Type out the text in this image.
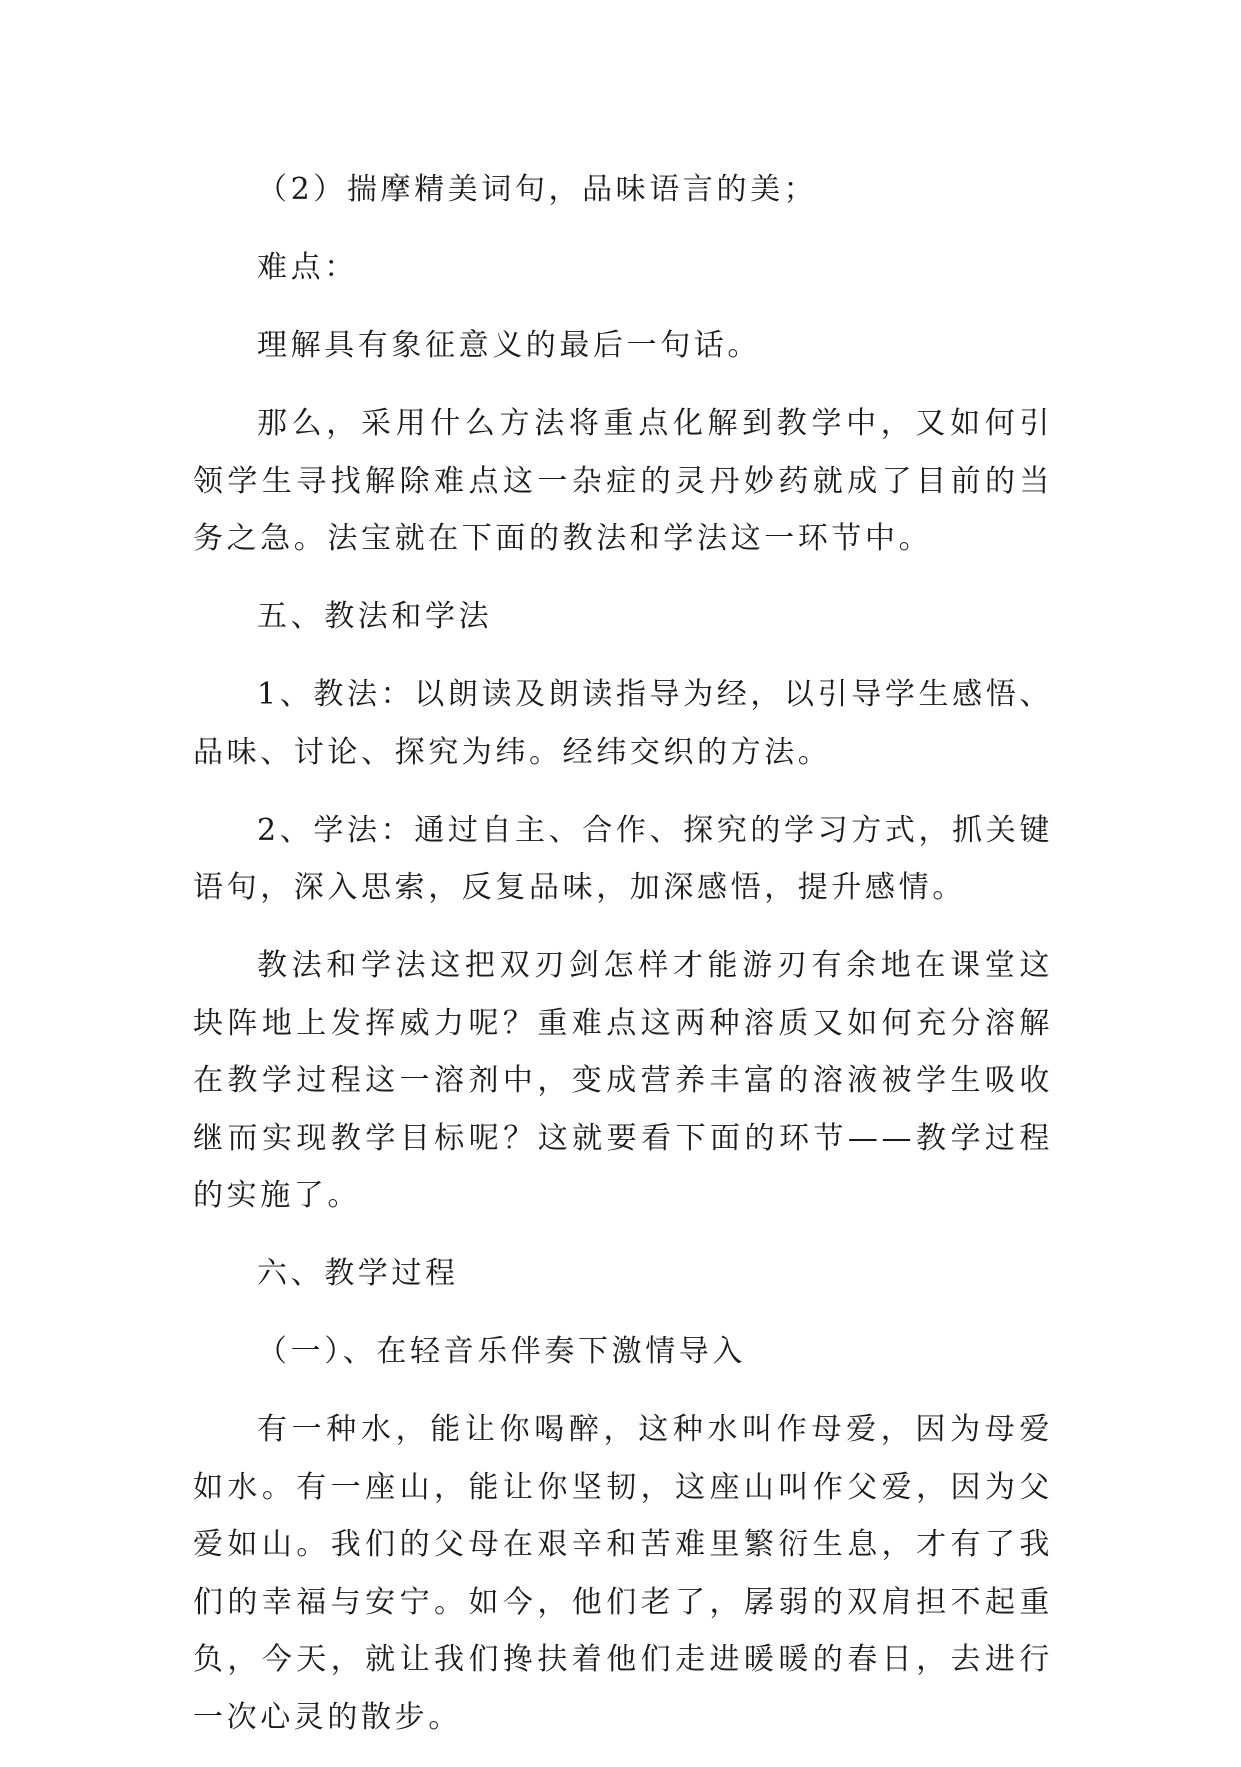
（2）揣摩精美词句，品味语言的美；

难点：

理解具有象征意义的最后一句话。

那么，采用什么方法将重点化解到教学中，又如何引领学生寻找解除难点这一杂症的灵丹妙药就成了目前的当务之急。法宝就在下面的教法和学法这一环节中。

五、教法和学法

1、教法：以朗读及朗读指导为经，以引导学生感悟、品味、讨论、探究为纬。经纬交织的方法。

2、学法：通过自主、合作、探究的学习方式，抓关键语句，深入思索，反复品味，加深感悟，提升感情。

教法和学法这把双刃剑怎样才能游刃有余地在课堂这块阵地上发挥威力呢？重难点这两种溶质又如何充分溶解在教学过程这一溶剂中，变成营养丰富的溶液被学生吸收继而实现教学目标呢？这就要看下面的环节——教学过程的实施了。

六、教学过程

（一）、在轻音乐伴奏下激情导入

有一种水，能让你喝醉，这种水叫作母爱，因为母爱如水。有一座山，能让你坚韧，这座山叫作父爱，因为父爱如山。我们的父母在艰辛和苦难里繁衍生息，才有了我们的幸福与安宁。如今，他们老了，孱弱的双肩担不起重负，今天，就让我们搀扶着他们走进暖暖的春日，去进行一次心灵的散步。
